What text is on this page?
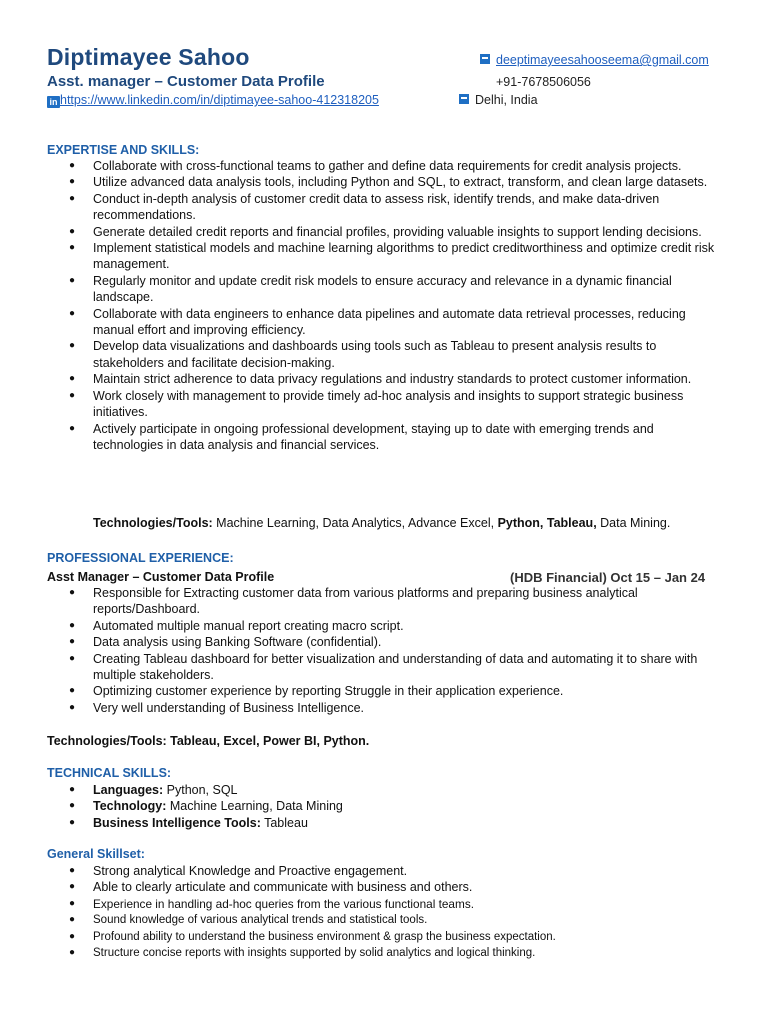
Diptimayee Sahoo
Asst. manager – Customer Data Profile
in https://www.linkedin.com/in/diptimayee-sahoo-412318205
deeptimayeesahooseema@gmail.com
+91-7678506056
Delhi, India
EXPERTISE AND SKILLS:
● Collaborate with cross-functional teams to gather and define data requirements for credit analysis projects.
● Utilize advanced data analysis tools, including Python and SQL, to extract, transform, and clean large datasets.
● Conduct in-depth analysis of customer credit data to assess risk, identify trends, and make data-driven recommendations.
● Generate detailed credit reports and financial profiles, providing valuable insights to support lending decisions.
● Implement statistical models and machine learning algorithms to predict creditworthiness and optimize credit risk management.
● Regularly monitor and update credit risk models to ensure accuracy and relevance in a dynamic financial landscape.
● Collaborate with data engineers to enhance data pipelines and automate data retrieval processes, reducing manual effort and improving efficiency.
● Develop data visualizations and dashboards using tools such as Tableau to present analysis results to stakeholders and facilitate decision-making.
● Maintain strict adherence to data privacy regulations and industry standards to protect customer information.
● Work closely with management to provide timely ad-hoc analysis and insights to support strategic business initiatives.
● Actively participate in ongoing professional development, staying up to date with emerging trends and technologies in data analysis and financial services.
Technologies/Tools: Machine Learning, Data Analytics, Advance Excel, Python, Tableau, Data Mining.
PROFESSIONAL EXPERIENCE:
Asst Manager – Customer Data Profile	(HDB Financial) Oct 15 – Jan 24
● Responsible for Extracting customer data from various platforms and preparing business analytical reports/Dashboard.
● Automated multiple manual report creating macro script.
● Data analysis using Banking Software (confidential).
● Creating Tableau dashboard for better visualization and understanding of data and automating it to share with multiple stakeholders.
● Optimizing customer experience by reporting Struggle in their application experience.
● Very well understanding of Business Intelligence.
Technologies/Tools: Tableau, Excel, Power BI, Python.
TECHNICAL SKILLS:
● Languages: Python, SQL
● Technology: Machine Learning, Data Mining
● Business Intelligence Tools: Tableau
General Skillset:
● Strong analytical Knowledge and Proactive engagement.
● Able to clearly articulate and communicate with business and others.
● Experience in handling ad-hoc queries from the various functional teams.
● Sound knowledge of various analytical trends and statistical tools.
● Profound ability to understand the business environment & grasp the business expectation.
● Structure concise reports with insights supported by solid analytics and logical thinking.
